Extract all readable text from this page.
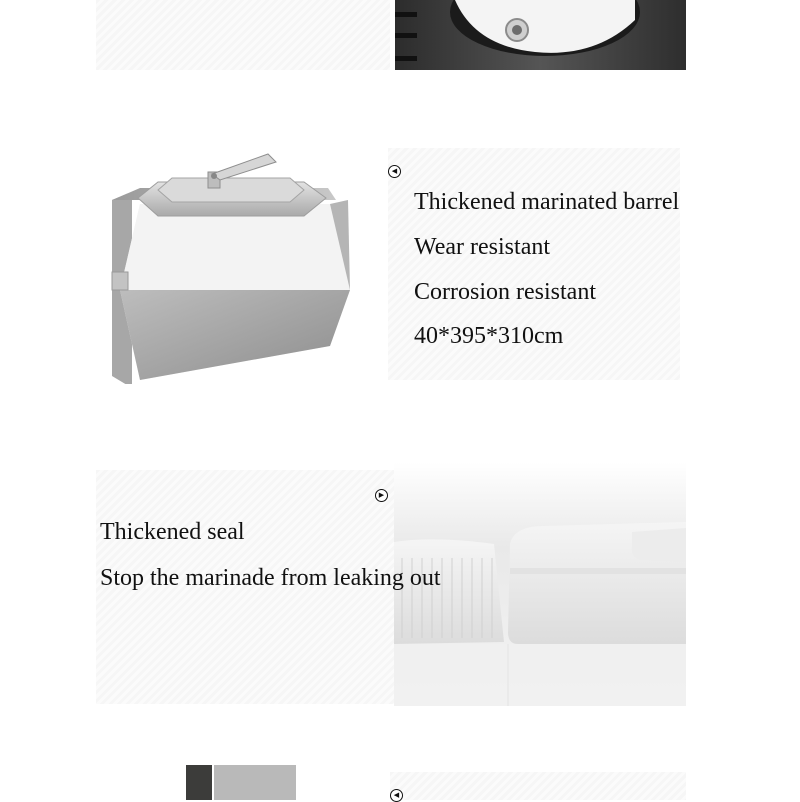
◀
Thickened marinated barrel
Wear resistant
Corrosion resistant
40*395*310cm
▶
Thickened seal
Stop the marinade from leaking out
◀
